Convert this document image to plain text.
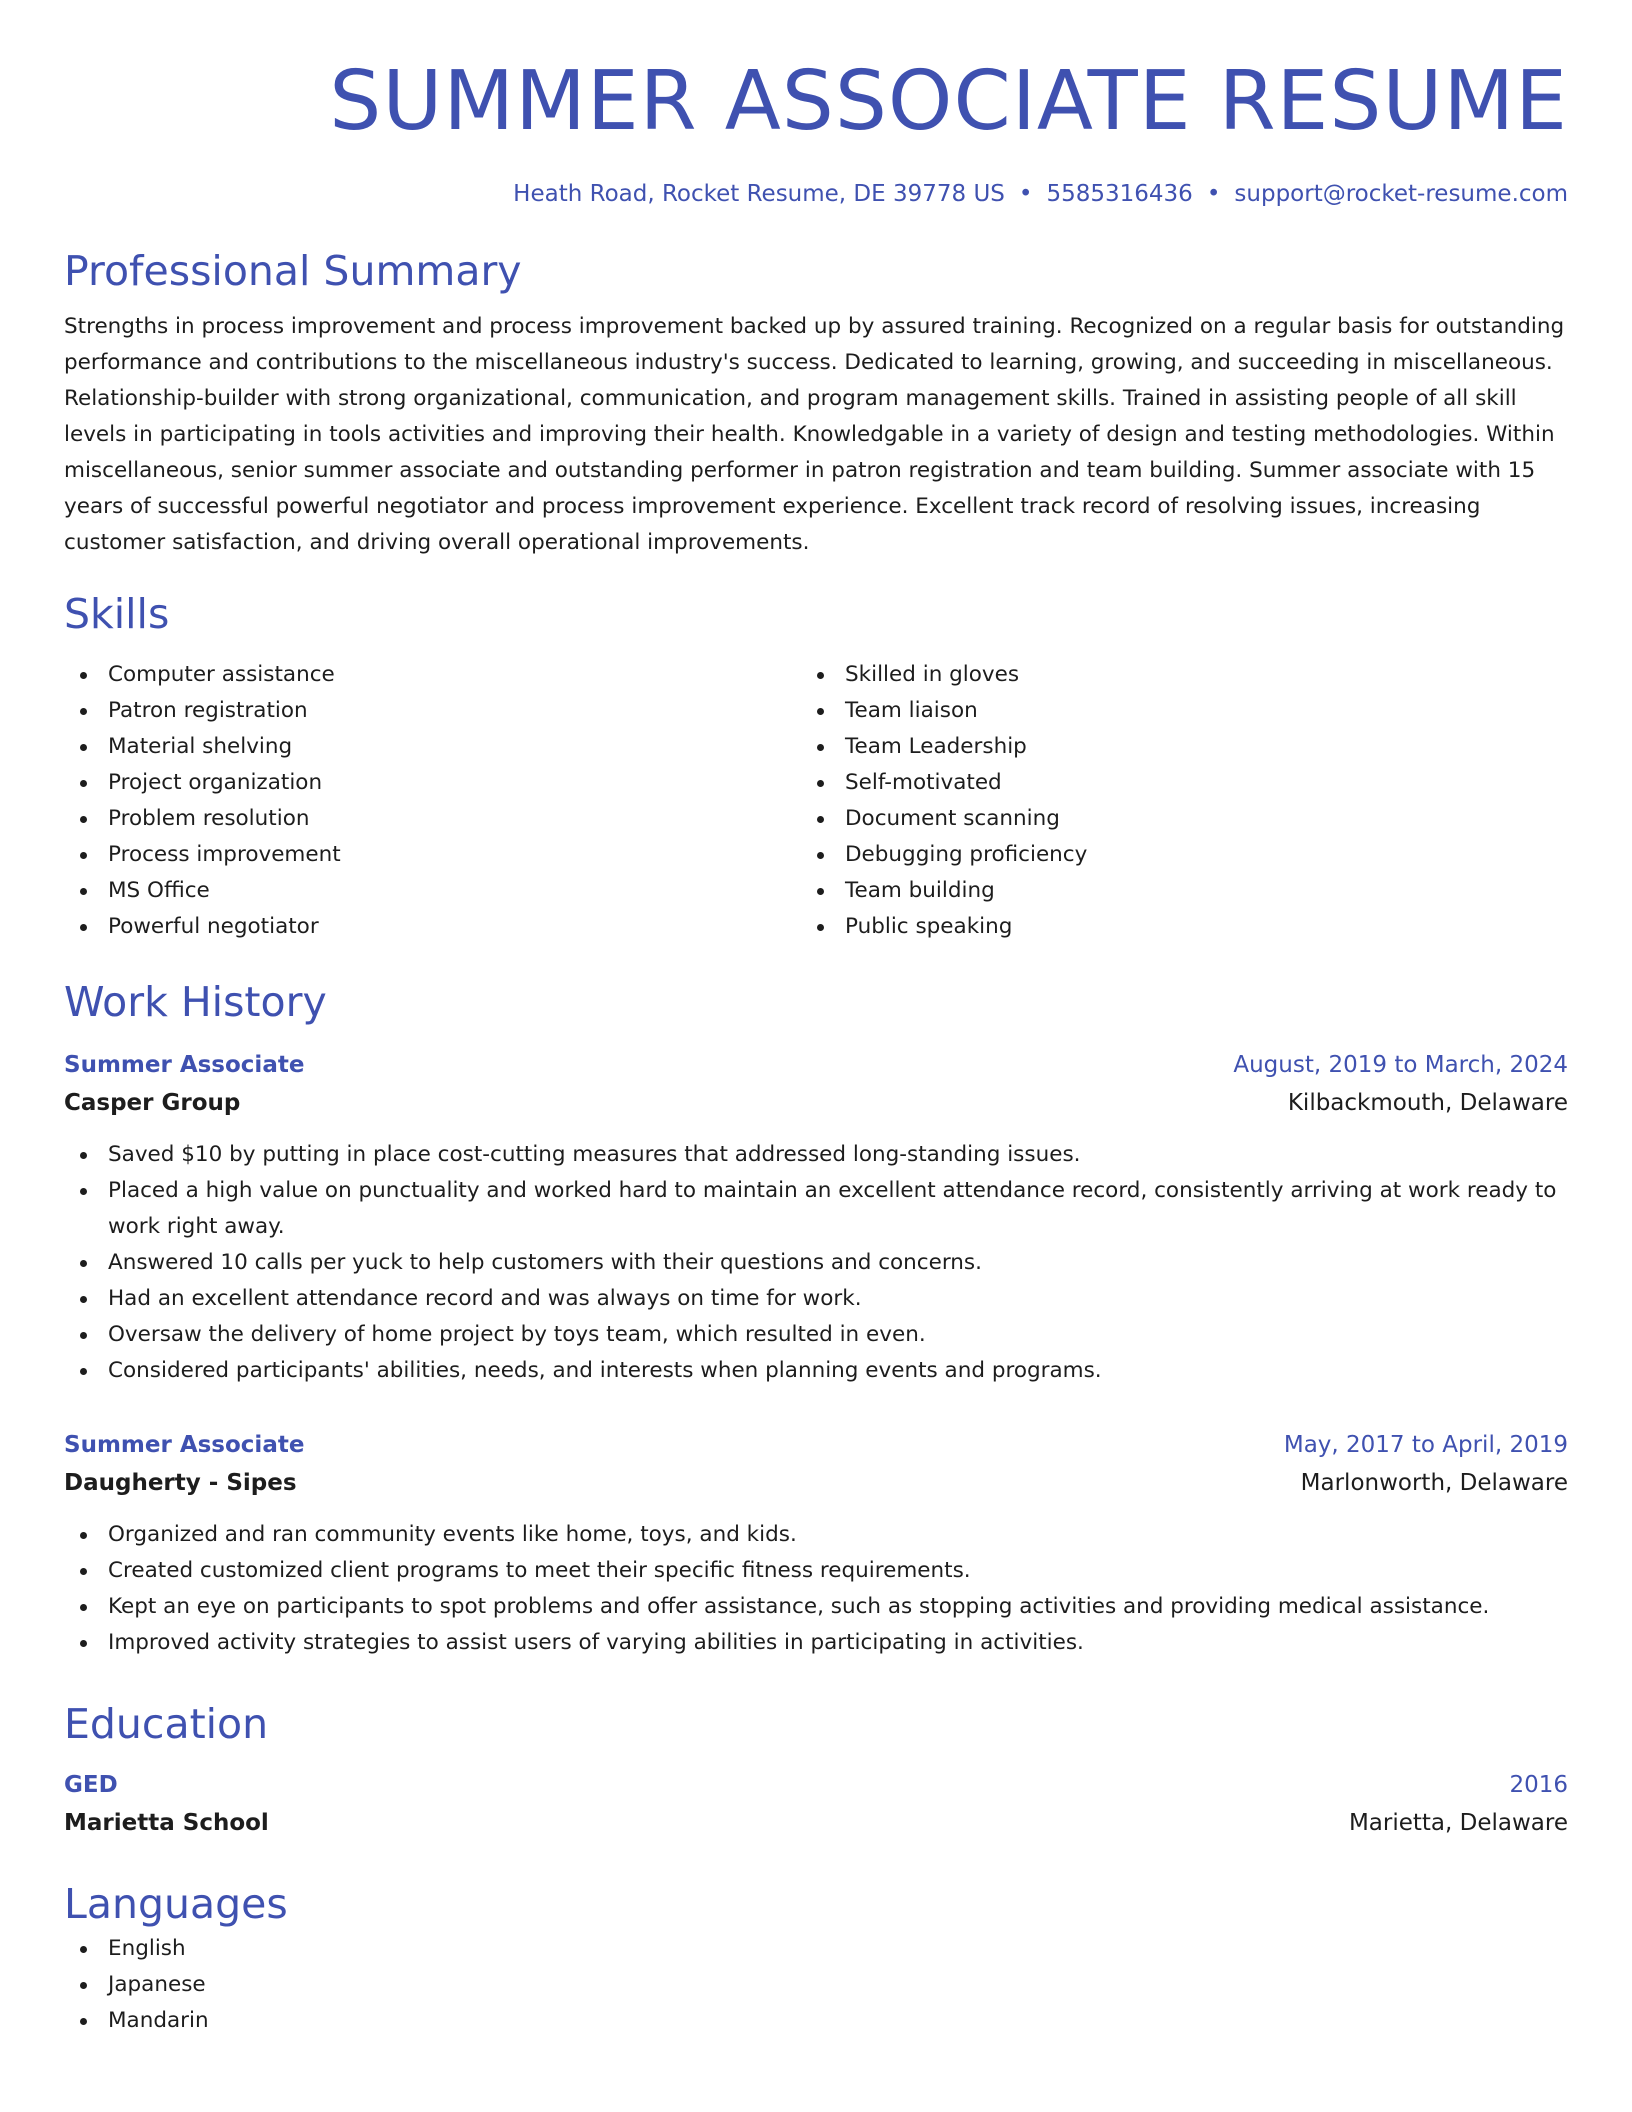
SUMMER ASSOCIATE RESUME
Heath Road, Rocket Resume, DE 39778 US • 5585316436 • support@rocket-resume.com
Professional Summary
Strengths in process improvement and process improvement backed up by assured training. Recognized on a regular basis for outstanding performance and contributions to the miscellaneous industry's success. Dedicated to learning, growing, and succeeding in miscellaneous. Relationship-builder with strong organizational, communication, and program management skills. Trained in assisting people of all skill levels in participating in tools activities and improving their health. Knowledgable in a variety of design and testing methodologies. Within miscellaneous, senior summer associate and outstanding performer in patron registration and team building. Summer associate with 15 years of successful powerful negotiator and process improvement experience. Excellent track record of resolving issues, increasing customer satisfaction, and driving overall operational improvements.
Skills
Computer assistance
Patron registration
Material shelving
Project organization
Problem resolution
Process improvement
MS Office
Powerful negotiator
Skilled in gloves
Team liaison
Team Leadership
Self-motivated
Document scanning
Debugging proficiency
Team building
Public speaking
Work History
Summer Associate	August, 2019 to March, 2024
Casper Group	Kilbackmouth, Delaware
Saved $10 by putting in place cost-cutting measures that addressed long-standing issues.
Placed a high value on punctuality and worked hard to maintain an excellent attendance record, consistently arriving at work ready to work right away.
Answered 10 calls per yuck to help customers with their questions and concerns.
Had an excellent attendance record and was always on time for work.
Oversaw the delivery of home project by toys team, which resulted in even.
Considered participants' abilities, needs, and interests when planning events and programs.
Summer Associate	May, 2017 to April, 2019
Daugherty - Sipes	Marlonworth, Delaware
Organized and ran community events like home, toys, and kids.
Created customized client programs to meet their specific fitness requirements.
Kept an eye on participants to spot problems and offer assistance, such as stopping activities and providing medical assistance.
Improved activity strategies to assist users of varying abilities in participating in activities.
Education
GED	2016
Marietta School	Marietta, Delaware
Languages
English
Japanese
Mandarin
